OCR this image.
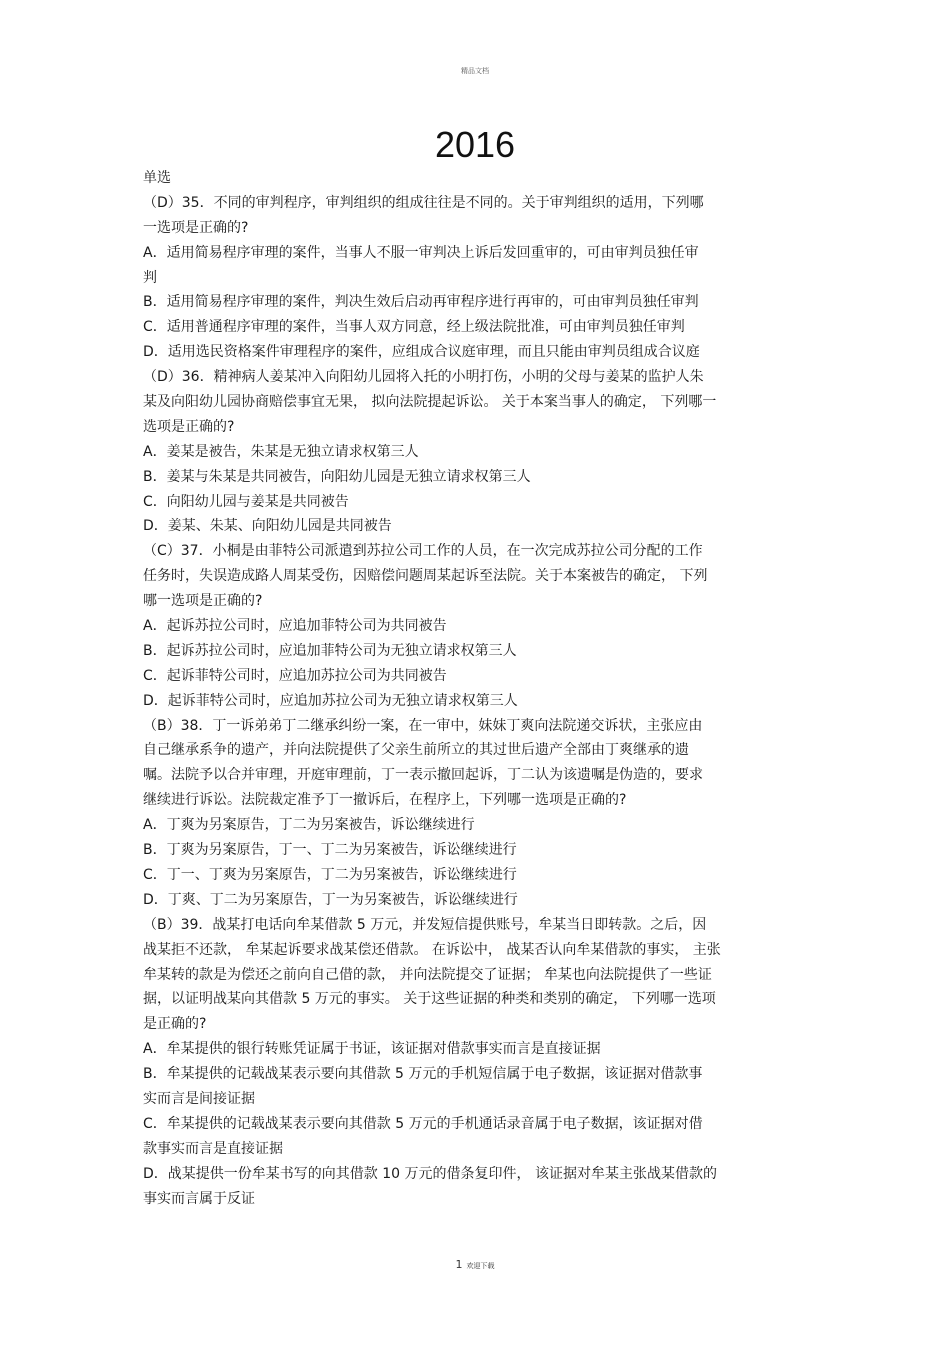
精品文档
2016
单选
（D）35．不同的审判程序，审判组织的组成往往是不同的。关于审判组织的适用，下列哪
一选项是正确的?
A．适用简易程序审理的案件，当事人不服一审判决上诉后发回重审的，可由审判员独任审
判
B．适用简易程序审理的案件，判决生效后启动再审程序进行再审的，可由审判员独任审判
C．适用普通程序审理的案件，当事人双方同意，经上级法院批准，可由审判员独任审判
D．适用选民资格案件审理程序的案件，应组成合议庭审理，而且只能由审判员组成合议庭
（D）36．精神病人姜某冲入向阳幼儿园将入托的小明打伤，小明的父母与姜某的监护人朱
某及向阳幼儿园协商赔偿事宜无果， 拟向法院提起诉讼。 关于本案当事人的确定， 下列哪一
选项是正确的?
A．姜某是被告，朱某是无独立请求权第三人
B．姜某与朱某是共同被告，向阳幼儿园是无独立请求权第三人
C．向阳幼儿园与姜某是共同被告
D．姜某、朱某、向阳幼儿园是共同被告
（C）37．小桐是由菲特公司派遣到苏拉公司工作的人员，在一次完成苏拉公司分配的工作
任务时，失误造成路人周某受伤，因赔偿问题周某起诉至法院。关于本案被告的确定， 下列
哪一选项是正确的?
A．起诉苏拉公司时，应追加菲特公司为共同被告
B．起诉苏拉公司时，应追加菲特公司为无独立请求权第三人
C．起诉菲特公司时，应追加苏拉公司为共同被告
D．起诉菲特公司时，应追加苏拉公司为无独立请求权第三人
（B）38．丁一诉弟弟丁二继承纠纷一案，在一审中，妹妹丁爽向法院递交诉状，主张应由
自己继承系争的遗产，并向法院提供了父亲生前所立的其过世后遗产全部由丁爽继承的遗
嘱。法院予以合并审理，开庭审理前，丁一表示撤回起诉，丁二认为该遗嘱是伪造的，要求
继续进行诉讼。法院裁定准予丁一撤诉后，在程序上，下列哪一选项是正确的?
A．丁爽为另案原告，丁二为另案被告，诉讼继续进行
B．丁爽为另案原告，丁一、丁二为另案被告，诉讼继续进行
C．丁一、丁爽为另案原告，丁二为另案被告，诉讼继续进行
D．丁爽、丁二为另案原告，丁一为另案被告，诉讼继续进行
（B）39．战某打电话向牟某借款 5 万元，并发短信提供账号，牟某当日即转款。之后，因
战某拒不还款， 牟某起诉要求战某偿还借款。 在诉讼中， 战某否认向牟某借款的事实， 主张
牟某转的款是为偿还之前向自己借的款， 并向法院提交了证据； 牟某也向法院提供了一些证
据，以证明战某向其借款 5 万元的事实。 关于这些证据的种类和类别的确定， 下列哪一选项
是正确的?
A．牟某提供的银行转账凭证属于书证，该证据对借款事实而言是直接证据
B．牟某提供的记载战某表示要向其借款 5 万元的手机短信属于电子数据，该证据对借款事
实而言是间接证据
C．牟某提供的记载战某表示要向其借款 5 万元的手机通话录音属于电子数据，该证据对借
款事实而言是直接证据
D．战某提供一份牟某书写的向其借款 10 万元的借条复印件， 该证据对牟某主张战某借款的
事实而言属于反证
1 欢迎下载
